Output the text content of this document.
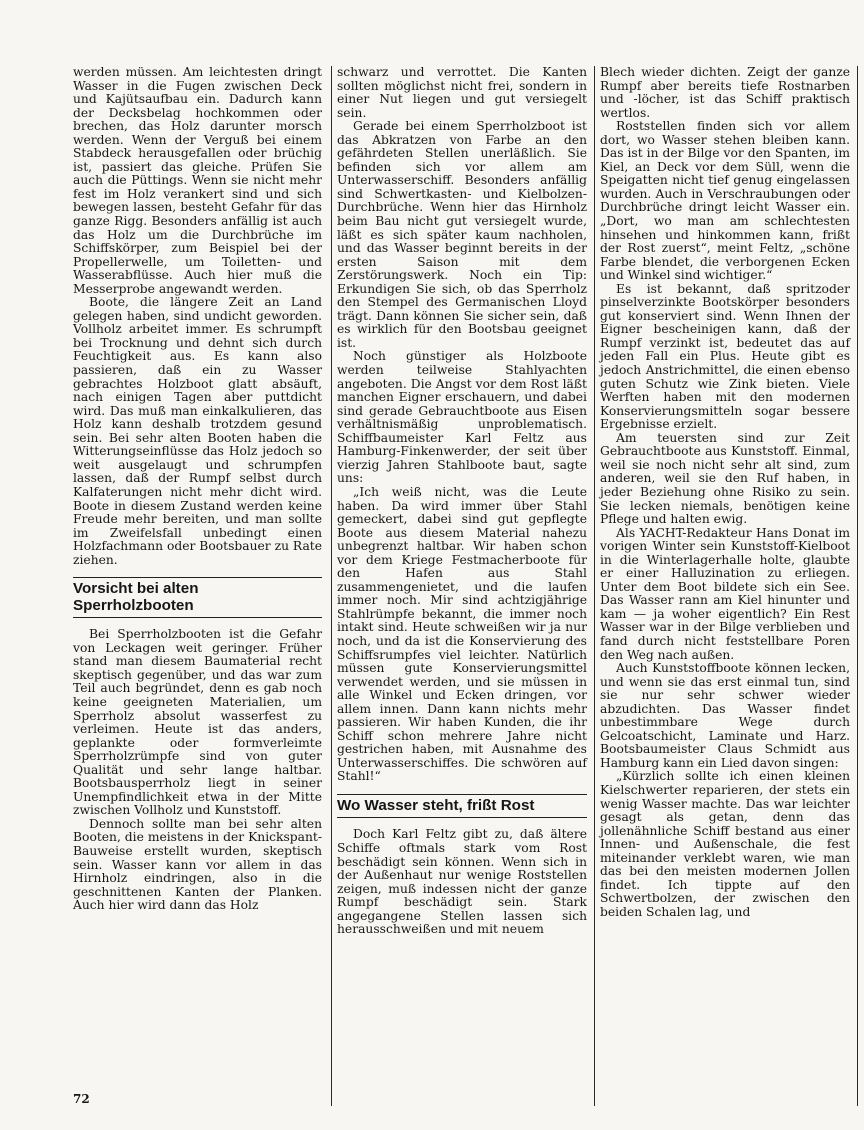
werden müssen. Am leichtesten dringt Wasser in die Fugen zwischen Deck und Kajütsaufbau ein. Dadurch kann der Decksbelag hochkommen oder brechen, das Holz darunter morsch werden. Wenn der Verguß bei einem Stabdeck herausgefallen oder brüchig ist, passiert das gleiche. Prüfen Sie auch die Püttings. Wenn sie nicht mehr fest im Holz verankert sind und sich bewegen lassen, besteht Gefahr für das ganze Rigg. Besonders anfällig ist auch das Holz um die Durchbrüche im Schiffskörper, zum Beispiel bei der Propellerwelle, um Toiletten- und Wasserabflüsse. Auch hier muß die Messerprobe angewandt werden.

Boote, die längere Zeit an Land gelegen haben, sind undicht geworden. Vollholz arbeitet immer. Es schrumpft bei Trocknung und dehnt sich durch Feuchtigkeit aus. Es kann also passieren, daß ein zu Wasser gebrachtes Holzboot glatt absäuft, nach einigen Tagen aber puttdicht wird. Das muß man einkalkulieren, das Holz kann deshalb trotzdem gesund sein. Bei sehr alten Booten haben die Witterungseinflüsse das Holz jedoch so weit ausgelaugt und schrumpfen lassen, daß der Rumpf selbst durch Kalfaterungen nicht mehr dicht wird. Boote in diesem Zustand werden keine Freude mehr bereiten, und man sollte im Zweifelsfall unbedingt einen Holzfachmann oder Bootsbauer zu Rate ziehen.

Vorsicht bei alten Sperrholzbooten

Bei Sperrholzbooten ist die Gefahr von Leckagen weit geringer. Früher stand man diesem Baumaterial recht skeptisch gegenüber, und das war zum Teil auch begründet, denn es gab noch keine geeigneten Materialien, um Sperrholz absolut wasserfest zu verleimen. Heute ist das anders, geplankte oder formverleimte Sperrholzrümpfe sind von guter Qualität und sehr lange haltbar. Bootsbausperrholz liegt in seiner Unempfindlichkeit etwa in der Mitte zwischen Vollholz und Kunststoff.

Dennoch sollte man bei sehr alten Booten, die meistens in der Knickspant-Bauweise erstellt wurden, skeptisch sein. Wasser kann vor allem in das Hirnholz eindringen, also in die geschnittenen Kanten der Planken. Auch hier wird dann das Holz

schwarz und verrottet. Die Kanten sollten möglichst nicht frei, sondern in einer Nut liegen und gut versiegelt sein.

Gerade bei einem Sperrholzboot ist das Abkratzen von Farbe an den gefährdeten Stellen unerläßlich. Sie befinden sich vor allem am Unterwasserschiff. Besonders anfällig sind Schwertkasten- und Kielbolzen-Durchbrüche. Wenn hier das Hirnholz beim Bau nicht gut versiegelt wurde, läßt es sich später kaum nachholen, und das Wasser beginnt bereits in der ersten Saison mit dem Zerstörungswerk. Noch ein Tip: Erkundigen Sie sich, ob das Sperrholz den Stempel des Germanischen Lloyd trägt. Dann können Sie sicher sein, daß es wirklich für den Bootsbau geeignet ist.

Noch günstiger als Holzboote werden teilweise Stahlyachten angeboten. Die Angst vor dem Rost läßt manchen Eigner erschauern, und dabei sind gerade Gebrauchtboote aus Eisen verhältnismäßig unproblematisch. Schiffbaumeister Karl Feltz aus Hamburg-Finkenwerder, der seit über vierzig Jahren Stahlboote baut, sagte uns:

„Ich weiß nicht, was die Leute haben. Da wird immer über Stahl gemeckert, dabei sind gut gepflegte Boote aus diesem Material nahezu unbegrenzt haltbar. Wir haben schon vor dem Kriege Festmacherboote für den Hafen aus Stahl zusammengenietet, und die laufen immer noch. Mir sind achtzigjährige Stahlrümpfe bekannt, die immer noch intakt sind. Heute schweißen wir ja nur noch, und da ist die Konservierung des Schiffsrumpfes viel leichter. Natürlich müssen gute Konservierungsmittel verwendet werden, und sie müssen in alle Winkel und Ecken dringen, vor allem innen. Dann kann nichts mehr passieren. Wir haben Kunden, die ihr Schiff schon mehrere Jahre nicht gestrichen haben, mit Ausnahme des Unterwasserschiffes. Die schwören auf Stahl!“

Wo Wasser steht, frißt Rost

Doch Karl Feltz gibt zu, daß ältere Schiffe oftmals stark vom Rost beschädigt sein können. Wenn sich in der Außenhaut nur wenige Roststellen zeigen, muß indessen nicht der ganze Rumpf beschädigt sein. Stark angegangene Stellen lassen sich herausschweißen und mit neuem

Blech wieder dichten. Zeigt der ganze Rumpf aber bereits tiefe Rostnarben und -löcher, ist das Schiff praktisch wertlos.

Roststellen finden sich vor allem dort, wo Wasser stehen bleiben kann. Das ist in der Bilge vor den Spanten, im Kiel, an Deck vor dem Süll, wenn die Speigatten nicht tief genug eingelassen wurden. Auch in Verschraubungen oder Durchbrüche dringt leicht Wasser ein. „Dort, wo man am schlechtesten hinsehen und hinkommen kann, frißt der Rost zuerst“, meint Feltz, „schöne Farbe blendet, die verborgenen Ecken und Winkel sind wichtiger.“

Es ist bekannt, daß spritzoder pinselverzinkte Bootskörper besonders gut konserviert sind. Wenn Ihnen der Eigner bescheinigen kann, daß der Rumpf verzinkt ist, bedeutet das auf jeden Fall ein Plus. Heute gibt es jedoch Anstrichmittel, die einen ebenso guten Schutz wie Zink bieten. Viele Werften haben mit den modernen Konservierungsmitteln sogar bessere Ergebnisse erzielt.

Am teuersten sind zur Zeit Gebrauchtboote aus Kunststoff. Einmal, weil sie noch nicht sehr alt sind, zum anderen, weil sie den Ruf haben, in jeder Beziehung ohne Risiko zu sein. Sie lecken niemals, benötigen keine Pflege und halten ewig.

Als YACHT-Redakteur Hans Donat im vorigen Winter sein Kunststoff-Kielboot in die Winterlagerhalle holte, glaubte er einer Halluzination zu erliegen. Unter dem Boot bildete sich ein See. Das Wasser rann am Kiel hinunter und kam — ja woher eigentlich? Ein Rest Wasser war in der Bilge verblieben und fand durch nicht feststellbare Poren den Weg nach außen.

Auch Kunststoffboote können lecken, und wenn sie das erst einmal tun, sind sie nur sehr schwer wieder abzudichten. Das Wasser findet unbestimmbare Wege durch Gelcoatschicht, Laminate und Harz. Bootsbaumeister Claus Schmidt aus Hamburg kann ein Lied davon singen:

„Kürzlich sollte ich einen kleinen Kielschwerter reparieren, der stets ein wenig Wasser machte. Das war leichter gesagt als getan, denn das jollenähnliche Schiff bestand aus einer Innen- und Außenschale, die fest miteinander verklebt waren, wie man das bei den meisten modernen Jollen findet. Ich tippte auf den Schwertbolzen, der zwischen den beiden Schalen lag, und

72
